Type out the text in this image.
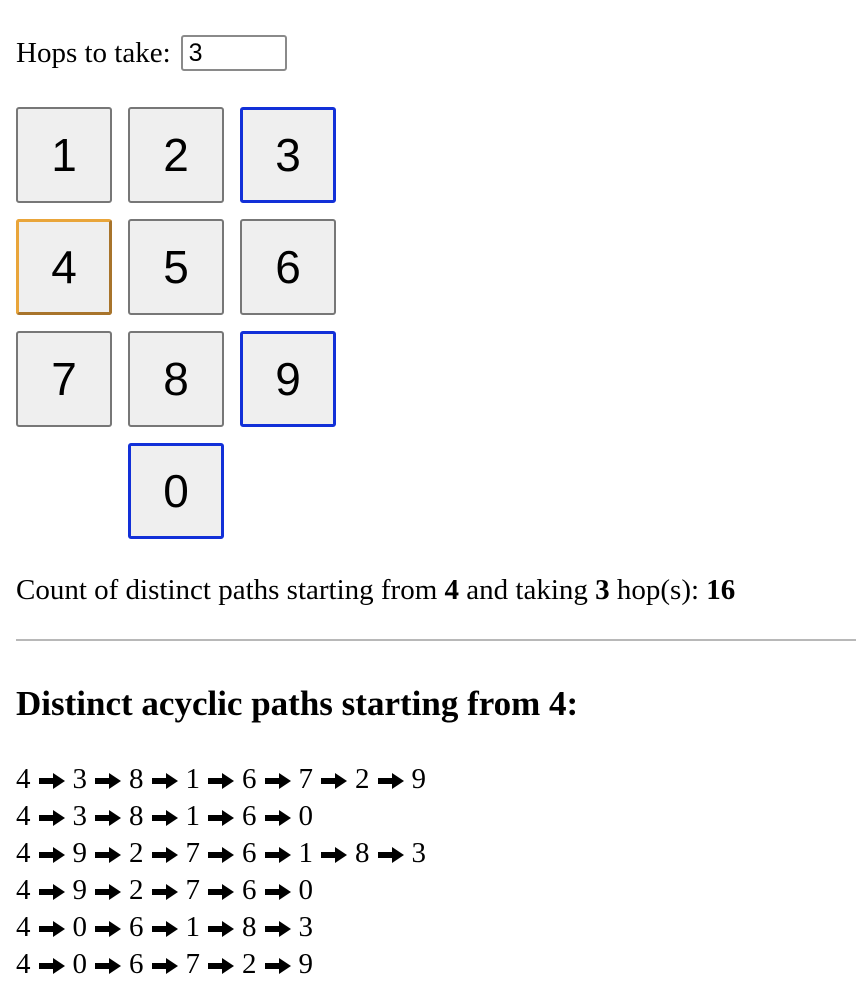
Hops to take:
3
1	2	3
4	5	6
7	8	9
0
Count of distinct paths starting from 4 and taking 3 hop(s): 16
Distinct acyclic paths starting from 4:
4 3 8 1 6 7 2 9
4 3 8 1 6 0
4 9 2 7 6 1 8 3
4 9 2 7 6 0
4 0 6 1 8 3
4 0 6 7 2 9
